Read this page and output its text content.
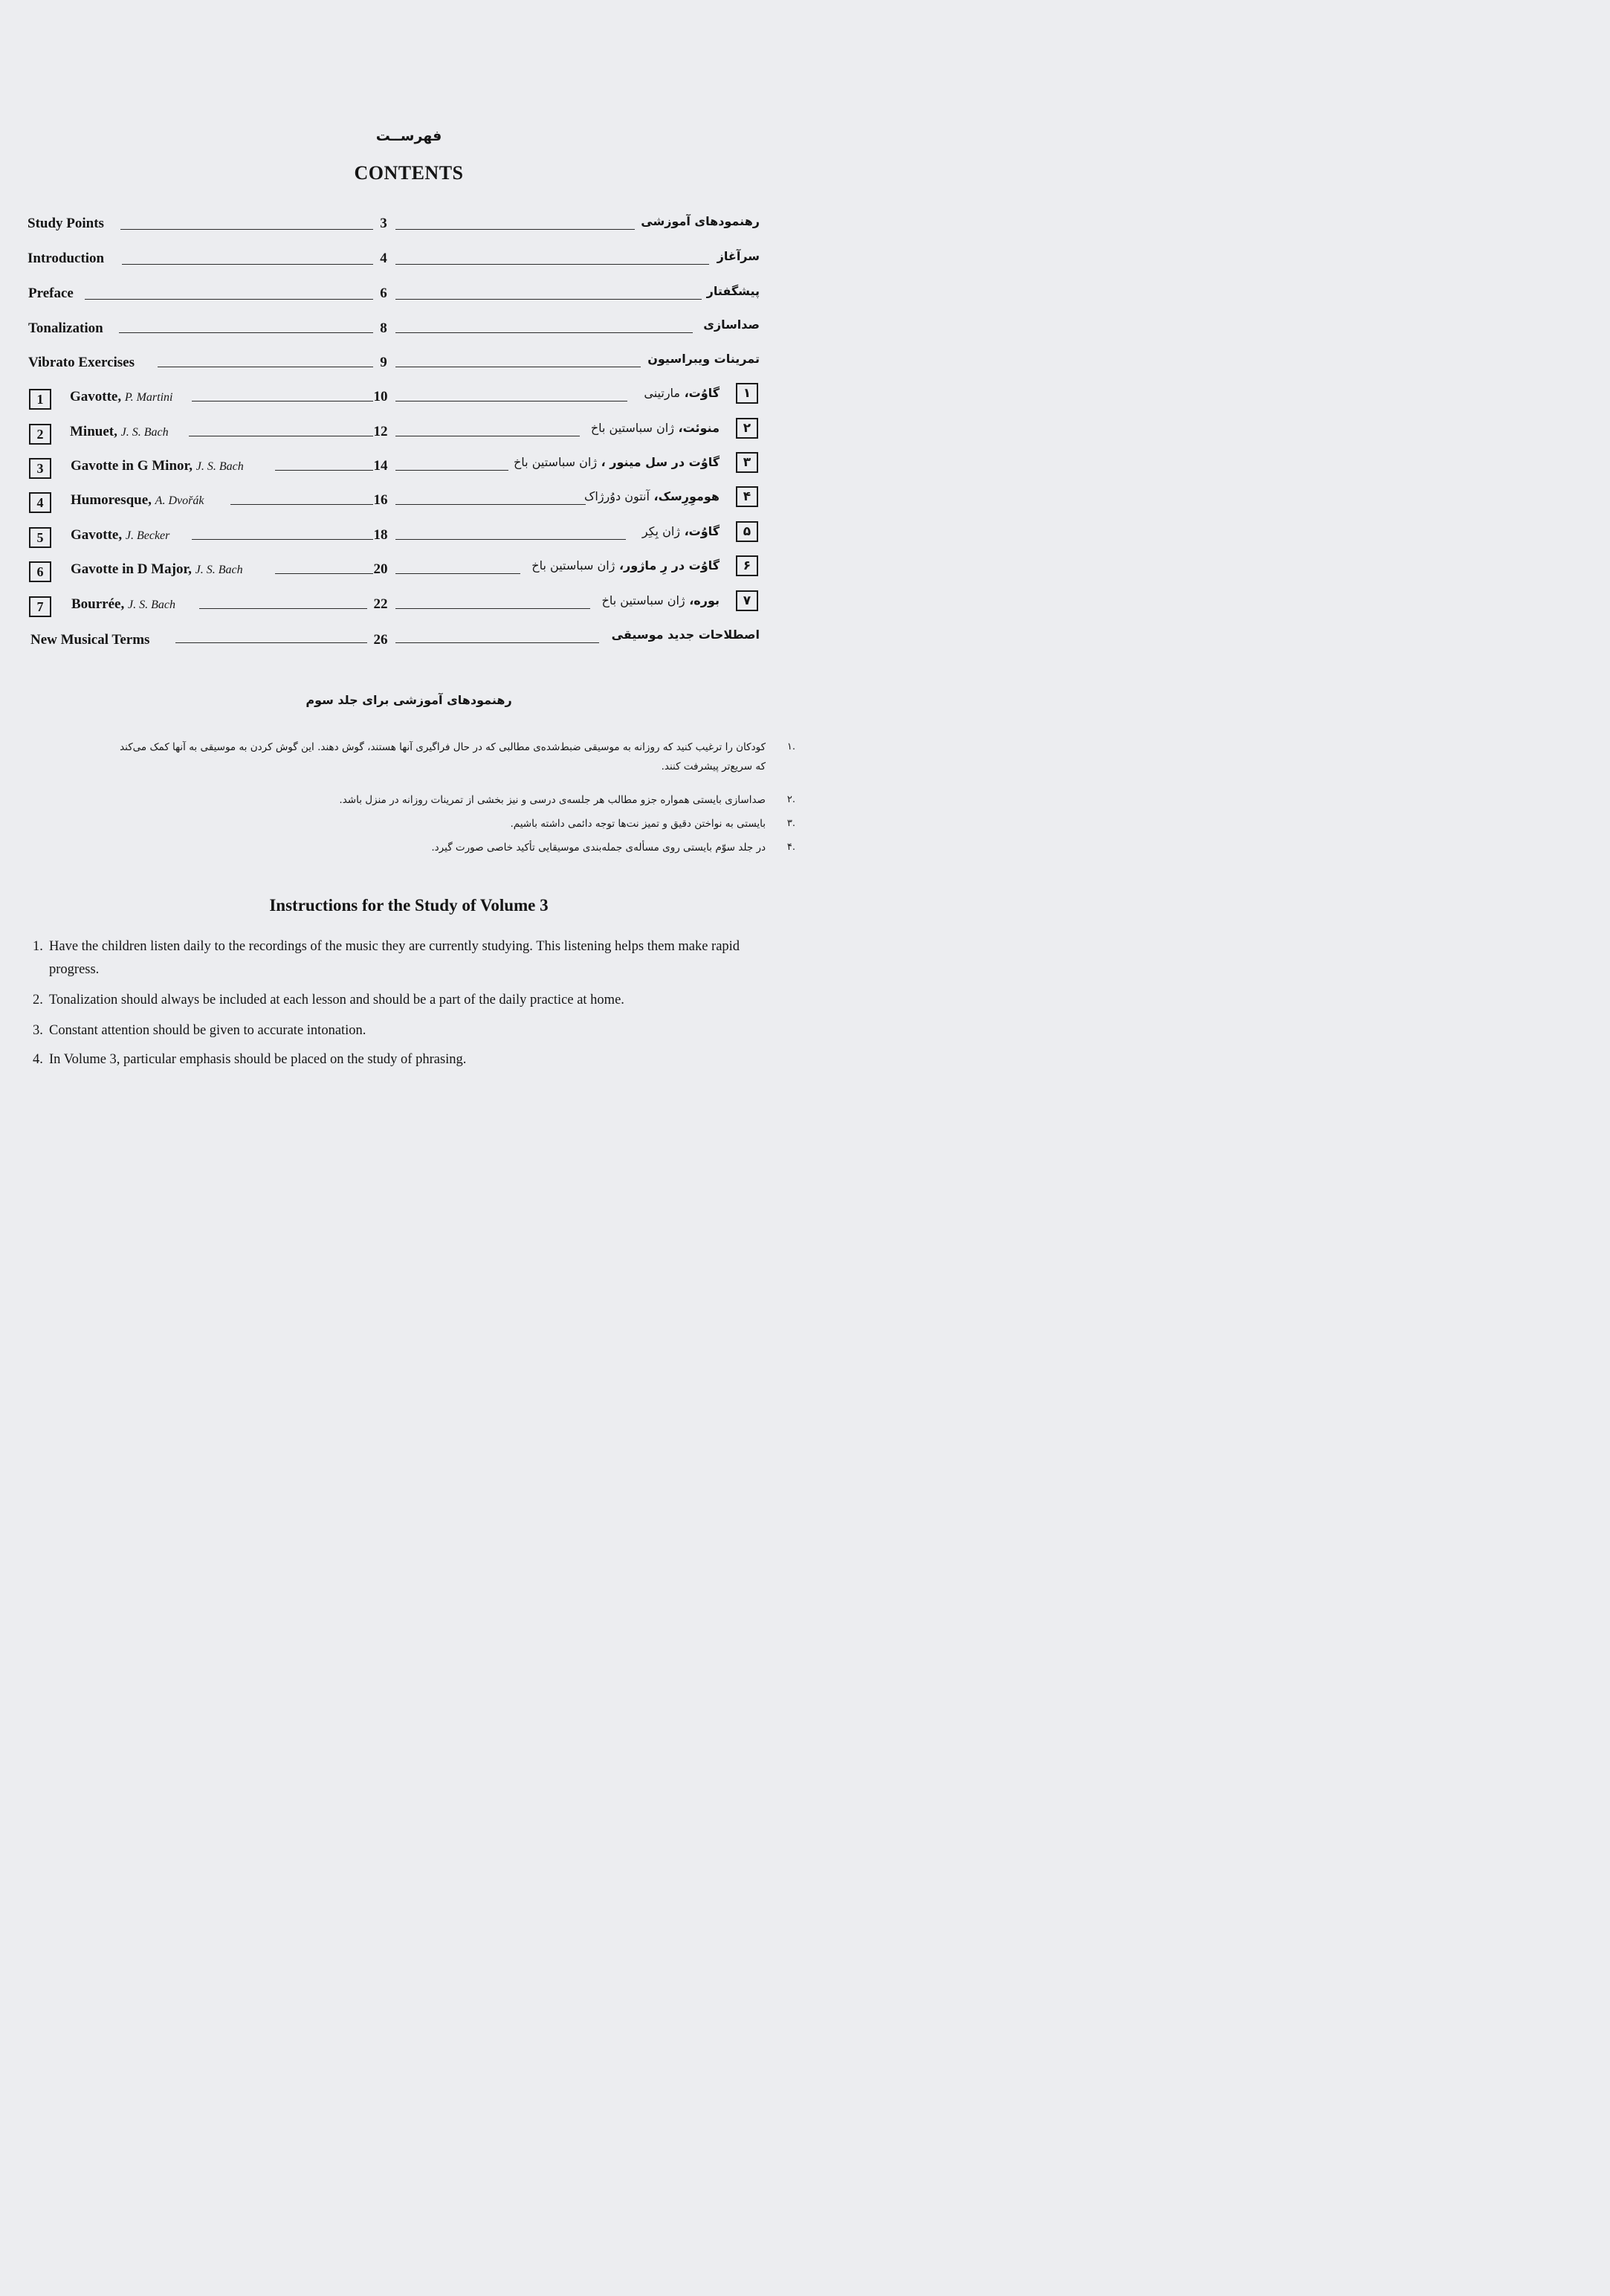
فهرســت
CONTENTS
Study Points	3	رهنمودهای آموزشی
Introduction	4	سرآغاز
Preface	6	پیشگفتار
Tonalization	8	صداسازی
Vibrato Exercises	9	تمرینات ویبراسیون
1	Gavotte, P. Martini	10	گاوُت، مارتینی	۱
2	Minuet, J. S. Bach	12	منوئت، ژان سباستین باخ	۲
3	Gavotte in G Minor, J. S. Bach	14	گاوُت در سل مینور ، ژان سباستین باخ	۳
4	Humoresque, A. Dvořák	16	هوموِرِسک، آنتون دوُرژاک	۴
5	Gavotte, J. Becker	18	گاوُت، ژان بِکِر	۵
6	Gavotte in D Major, J. S. Bach	20	گاوُت در رِ ماژور، ژان سباستین باخ	۶
7	Bourrée, J. S. Bach	22	بوره، ژان سباستین باخ	۷
New Musical Terms	26	اصطلاحات جدید موسیقی
رهنمودهای آموزشی برای جلد سوم
.۱
کودکان را ترغیب کنید که روزانه به موسیقی ضبط‌شده‌ی مطالبی که در حال فراگیری آنها هستند، گوش دهند. این گوش کردن به موسیقی به آنها کمک می‌کند
که سریع‌تر پیشرفت کنند.
.۲
صداسازی بایستی همواره جزو مطالب هر جلسه‌ی درسی و نیز بخشی از تمرینات روزانه در منزل باشد.
.۳
بایستی به نواختن دقیق و تمیز نت‌ها توجه دائمی داشته باشیم.
.۴
در جلد سوّم بایستی روی مسأله‌ی جمله‌بندی موسیقایی تأکید خاصی صورت گیرد.
Instructions for the Study of Volume 3
1. Have the children listen daily to the recordings of the music they are currently studying. This listening helps them make rapid progress.
2. Tonalization should always be included at each lesson and should be a part of the daily practice at home.
3. Constant attention should be given to accurate intonation.
4. In Volume 3, particular emphasis should be placed on the study of phrasing.
